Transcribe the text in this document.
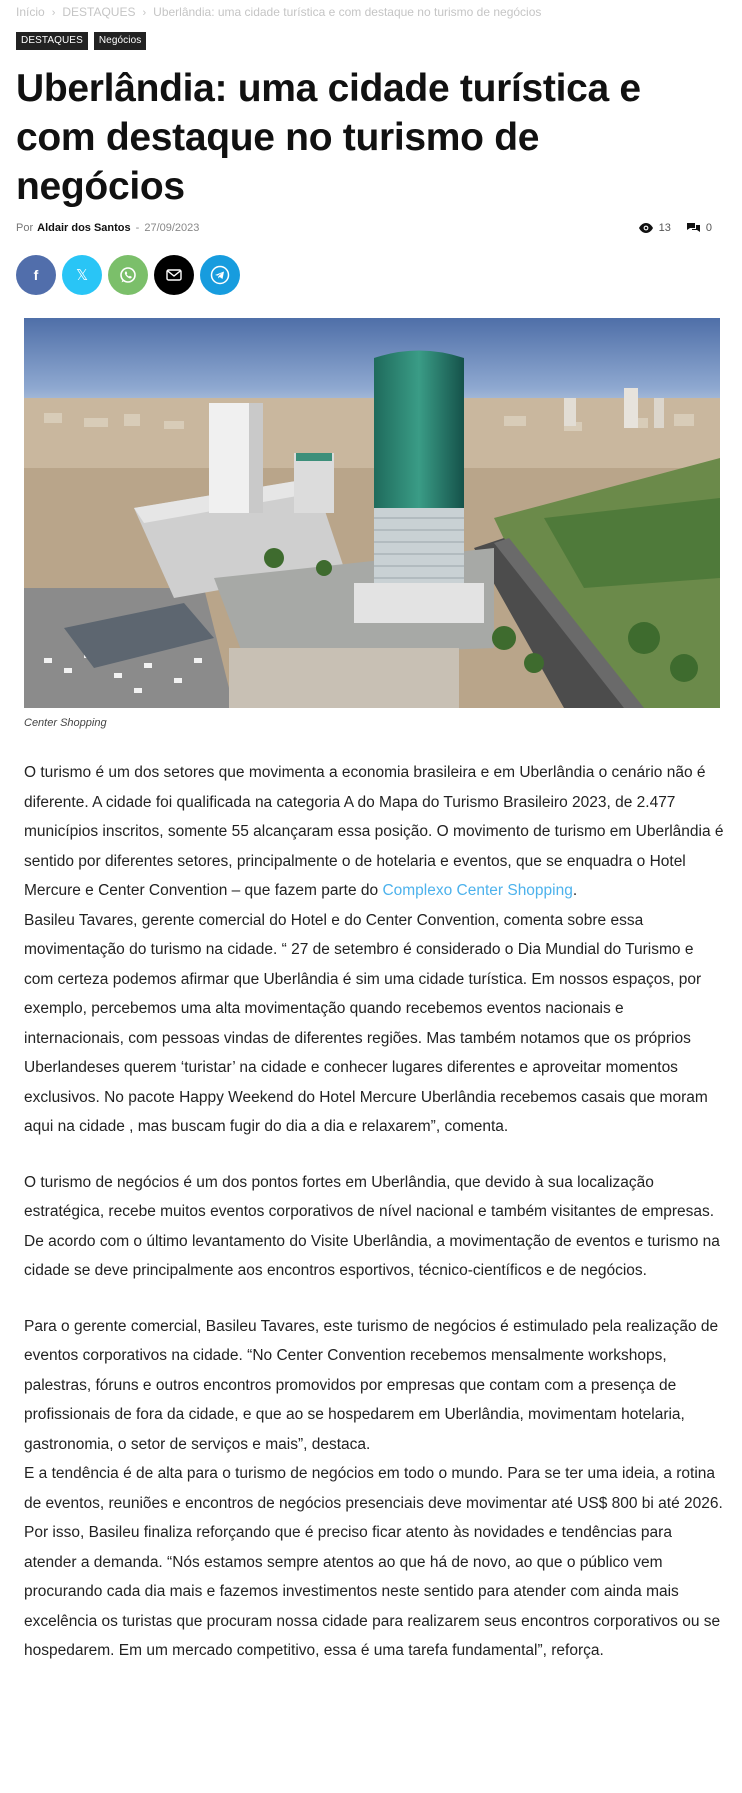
Início › DESTAQUES › Uberlândia: uma cidade turística e com destaque no turismo de negócios
DESTAQUES	Negócios
Uberlândia: uma cidade turística e com destaque no turismo de negócios
Por Aldair dos Santos - 27/09/2023	13	0
f	𝕏
Center Shopping

O turismo é um dos setores que movimenta a economia brasileira e em Uberlândia o cenário não é diferente. A cidade foi qualificada na categoria A do Mapa do Turismo Brasileiro 2023, de 2.477 municípios inscritos, somente 55 alcançaram essa posição. O movimento de turismo em Uberlândia é sentido por diferentes setores, principalmente o de hotelaria e eventos, que se enquadra o Hotel Mercure e Center Convention – que fazem parte do Complexo Center Shopping.

Basileu Tavares, gerente comercial do Hotel e do Center Convention, comenta sobre essa movimentação do turismo na cidade. “ 27 de setembro é considerado o Dia Mundial do Turismo e com certeza podemos afirmar que Uberlândia é sim uma cidade turística. Em nossos espaços, por exemplo, percebemos uma alta movimentação quando recebemos eventos nacionais e internacionais, com pessoas vindas de diferentes regiões. Mas também notamos que os próprios Uberlandeses querem ‘turistar’ na cidade e conhecer lugares diferentes e aproveitar momentos exclusivos. No pacote Happy Weekend do Hotel Mercure Uberlândia recebemos casais que moram aqui na cidade , mas buscam fugir do dia a dia e relaxarem”, comenta.

O turismo de negócios é um dos pontos fortes em Uberlândia, que devido à sua localização estratégica, recebe muitos eventos corporativos de nível nacional e também visitantes de empresas. De acordo com o último levantamento do Visite Uberlândia, a movimentação de eventos e turismo na cidade se deve principalmente aos encontros esportivos, técnico-científicos e de negócios.

Para o gerente comercial, Basileu Tavares, este turismo de negócios é estimulado pela realização de eventos corporativos na cidade. “No Center Convention recebemos mensalmente workshops, palestras, fóruns e outros encontros promovidos por empresas que contam com a presença de profissionais de fora da cidade, e que ao se hospedarem em Uberlândia, movimentam hotelaria, gastronomia, o setor de serviços e mais”, destaca.

E a tendência é de alta para o turismo de negócios em todo o mundo. Para se ter uma ideia, a rotina de eventos, reuniões e encontros de negócios presenciais deve movimentar até US$ 800 bi até 2026. Por isso, Basileu finaliza reforçando que é preciso ficar atento às novidades e tendências para atender a demanda. “Nós estamos sempre atentos ao que há de novo, ao que o público vem procurando cada dia mais e fazemos investimentos neste sentido para atender com ainda mais excelência os turistas que procuram nossa cidade para realizarem seus encontros corporativos ou se hospedarem. Em um mercado competitivo, essa é uma tarefa fundamental”, reforça.
